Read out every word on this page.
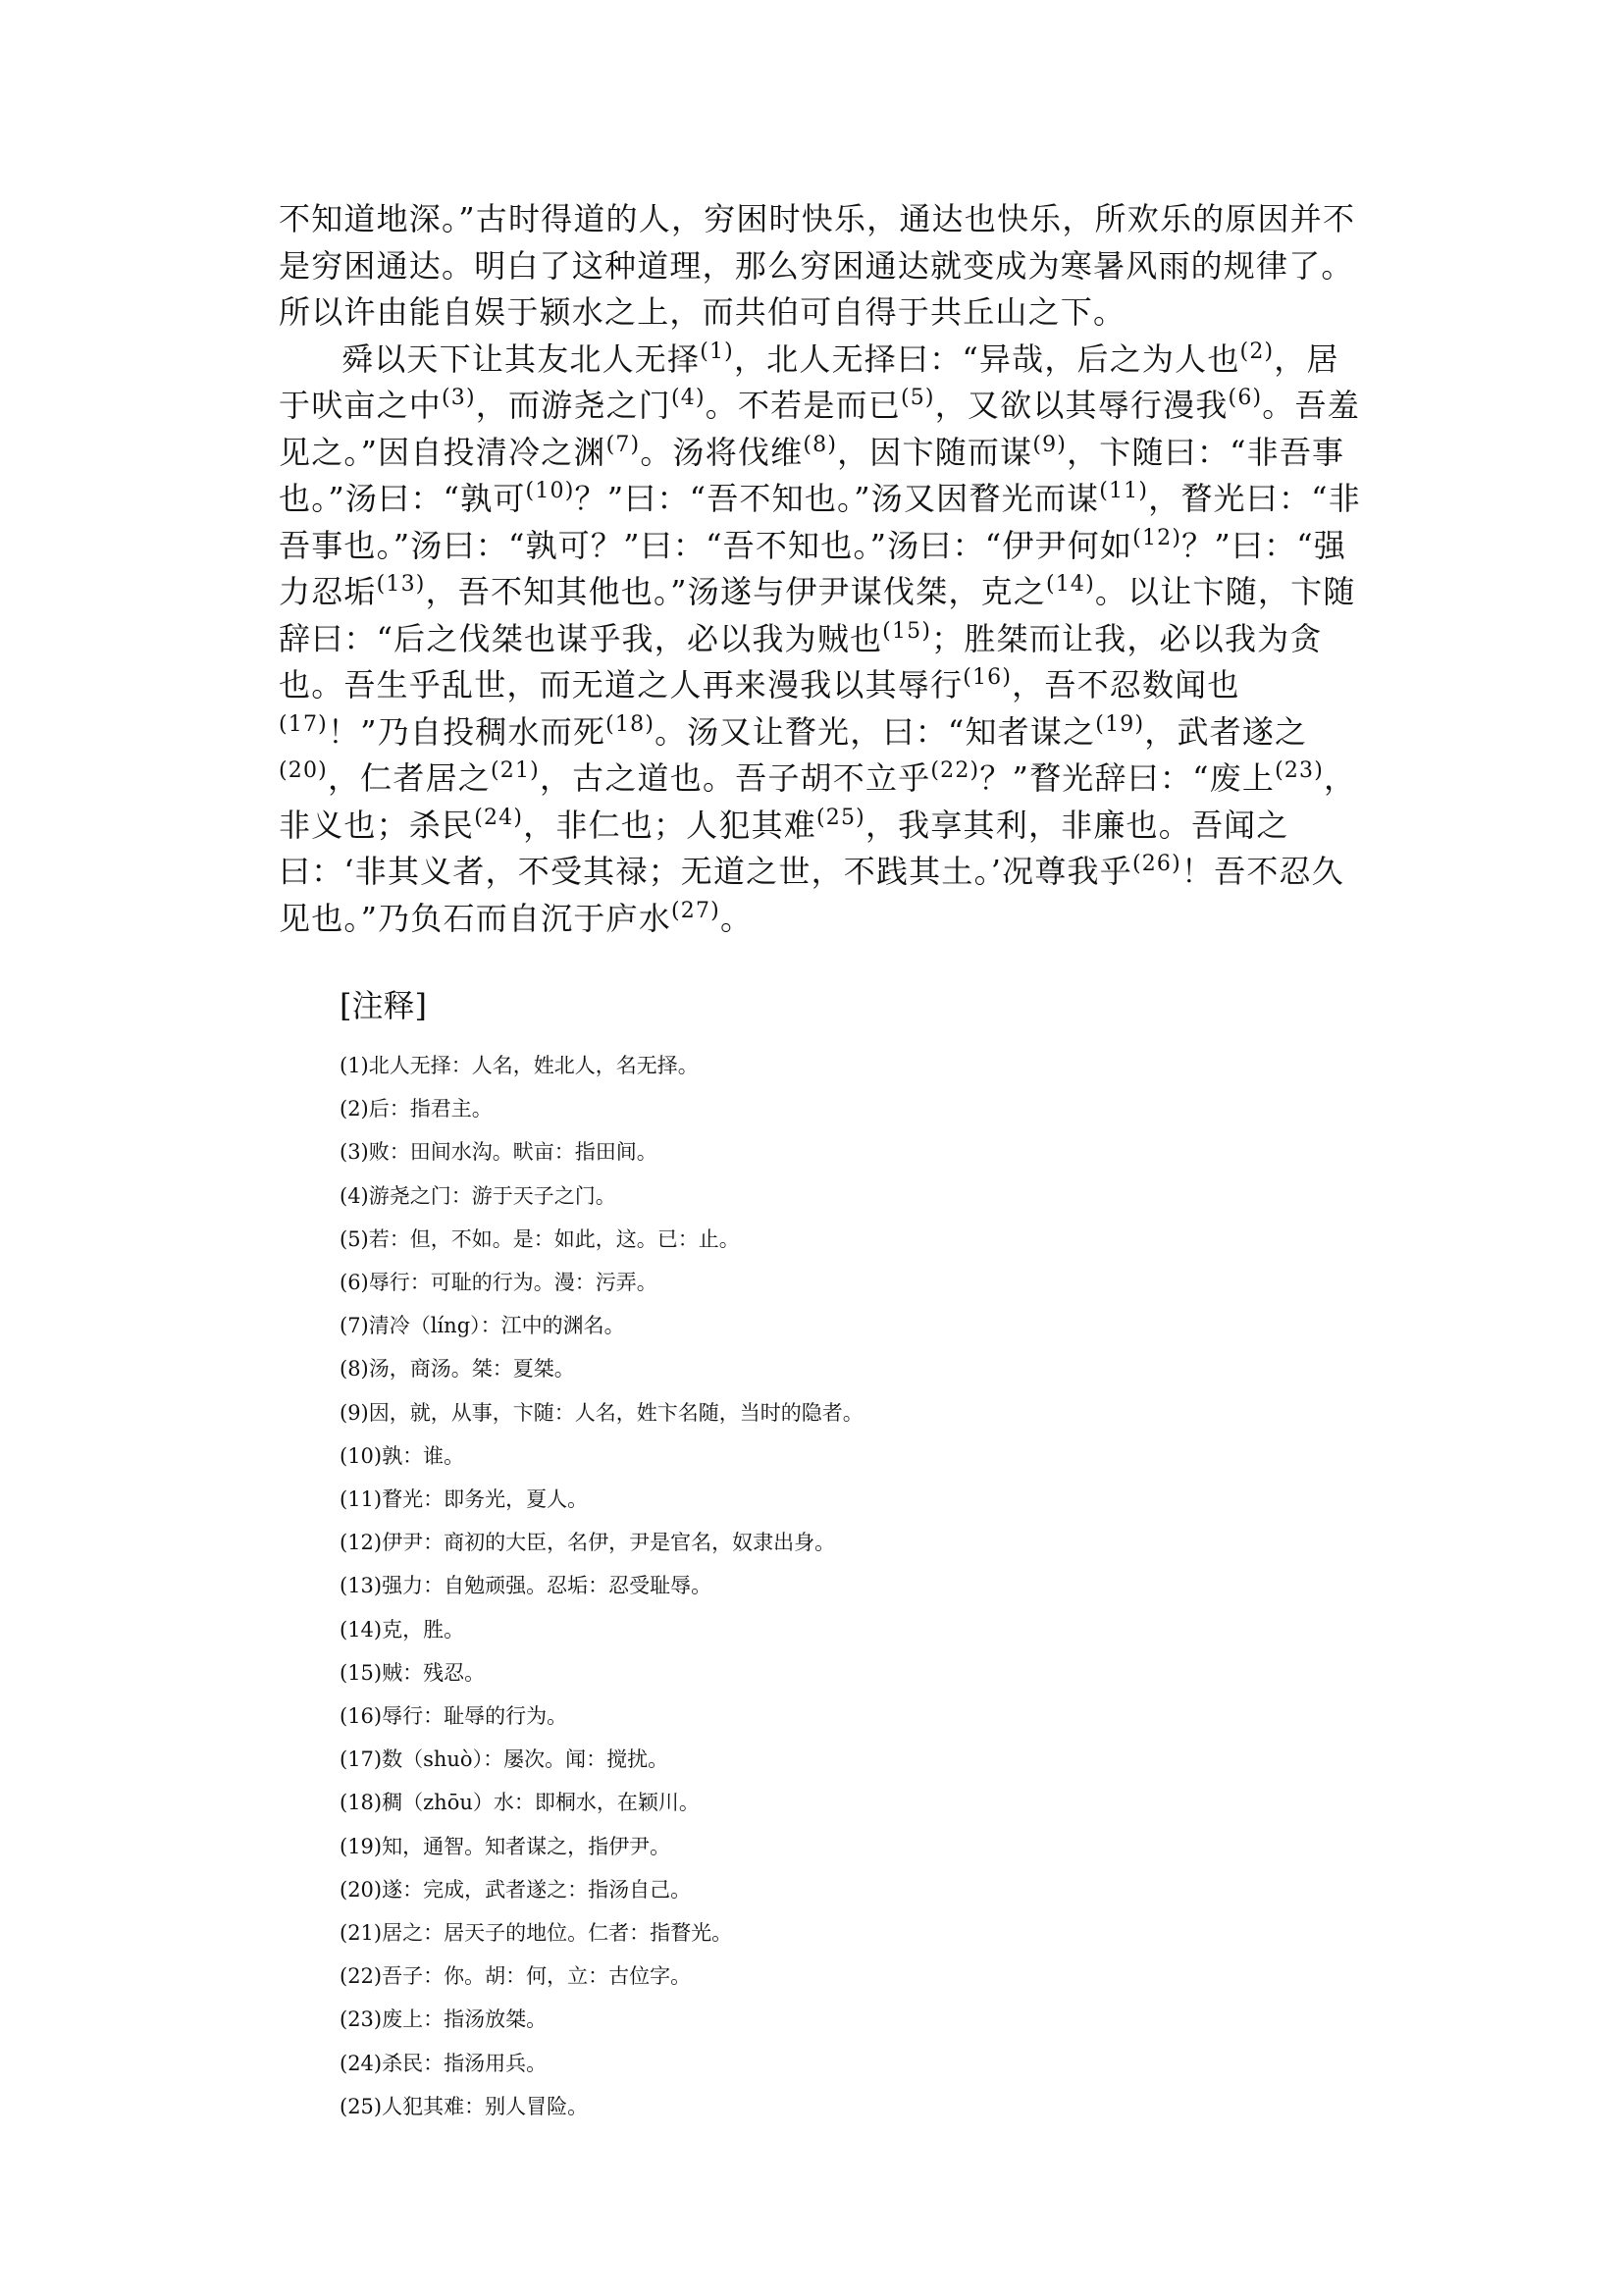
不知道地深。”古时得道的人，穷困时快乐，通达也快乐，所欢乐的原因并不是穷困通达。明白了这种道理，那么穷困通达就变成为寒暑风雨的规律了。所以许由能自娱于颍水之上，而共伯可自得于共丘山之下。

舜以天下让其友北人无择$^{(1)}$，北人无择曰：“异哉，后之为人也$^{(2)}$，居于吠亩之中$^{(3)}$，而游尧之门$^{(4)}$。不若是而已$^{(5)}$，又欲以其辱行漫我$^{(6)}$。吾羞见之。”因自投清冷之渊$^{(7)}$。汤将伐维$^{(8)}$，因卞随而谋$^{(9)}$，卞随曰：“非吾事也。”汤曰：“孰可$^{(10)}$？”曰：“吾不知也。”汤又因瞀光而谋$^{(11)}$，瞀光曰：“非吾事也。”汤曰：“孰可？”曰：“吾不知也。”汤曰：“伊尹何如$^{(12)}$？”曰：“强力忍垢$^{(13)}$，吾不知其他也。”汤遂与伊尹谋伐桀，克之$^{(14)}$。以让卞随，卞随辞曰：“后之伐桀也谋乎我，必以我为贼也$^{(15)}$；胜桀而让我，必以我为贪也。吾生乎乱世，而无道之人再来漫我以其辱行$^{(16)}$，吾不忍数闻也$^{(17)}$！”乃自投稠水而死$^{(18)}$。汤又让瞀光，曰：“知者谋之$^{(19)}$，武者遂之$^{(20)}$，仁者居之$^{(21)}$，古之道也。吾子胡不立乎$^{(22)}$？”瞀光辞曰：“废上$^{(23)}$，非义也；杀民$^{(24)}$，非仁也；人犯其难$^{(25)}$，我享其利，非廉也。吾闻之曰：‘非其义者，不受其禄；无道之世，不践其土。’况尊我乎$^{(26)}$！吾不忍久见也。”乃负石而自沉于庐水$^{(27)}$。

[注释]
(1)北人无择：人名，姓北人，名无择。
(2)后：指君主。
(3)败：田间水沟。畎亩：指田间。
(4)游尧之门：游于天子之门。
(5)若：但，不如。是：如此，这。已：止。
(6)辱行：可耻的行为。漫：污弄。
(7)清冷（líng）：江中的渊名。
(8)汤，商汤。桀：夏桀。
(9)因，就，从事，卞随：人名，姓卞名随，当时的隐者。
(10)孰：谁。
(11)瞀光：即务光，夏人。
(12)伊尹：商初的大臣，名伊，尹是官名，奴隶出身。
(13)强力：自勉顽强。忍垢：忍受耻辱。
(14)克，胜。
(15)贼：残忍。
(16)辱行：耻辱的行为。
(17)数（shuò）：屡次。闻：搅扰。
(18)稠（zhōu）水：即桐水，在颖川。
(19)知，通智。知者谋之，指伊尹。
(20)遂：完成，武者遂之：指汤自己。
(21)居之：居天子的地位。仁者：指瞀光。
(22)吾子：你。胡：何，立：古位字。
(23)废上：指汤放桀。
(24)杀民：指汤用兵。
(25)人犯其难：别人冒险。
